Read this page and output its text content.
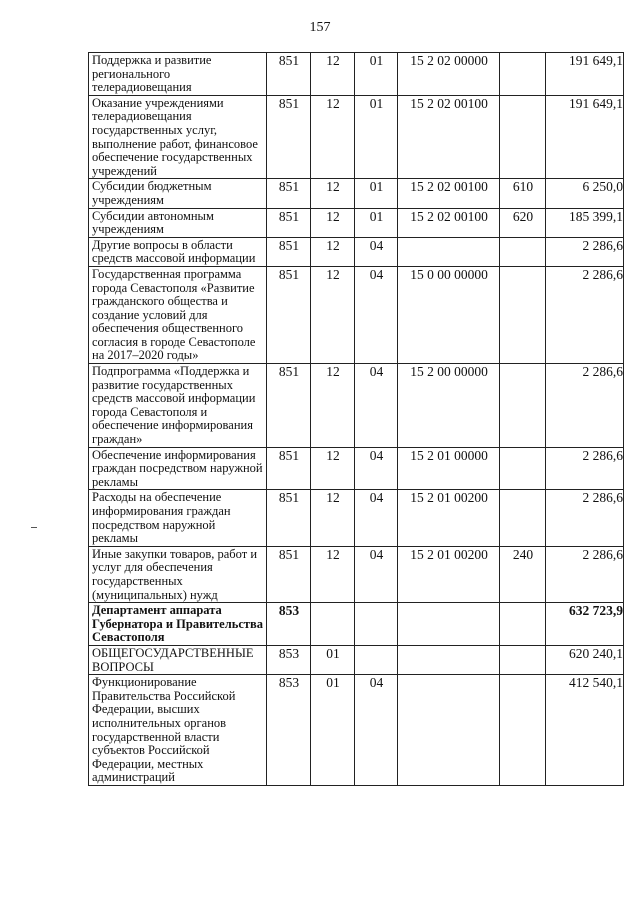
157
Поддержка и развитие регионального телерадиовещания	851	12	01	15 2 02 00000		191 649,1
Оказание учреждениями телерадиовещания государственных услуг, выполнение работ, финансовое обеспечение государственных учреждений	851	12	01	15 2 02 00100		191 649,1
Субсидии бюджетным учреждениям	851	12	01	15 2 02 00100	610	6 250,0
Субсидии автономным учреждениям	851	12	01	15 2 02 00100	620	185 399,1
Другие вопросы в области средств массовой информации	851	12	04			2 286,6
Государственная программа города Севастополя «Развитие гражданского общества и создание условий для обеспечения общественного согласия в городе Севастополе на 2017–2020 годы»	851	12	04	15 0 00 00000		2 286,6
Подпрограмма «Поддержка и развитие государственных средств массовой информации города Севастополя и обеспечение информирования граждан»	851	12	04	15 2 00 00000		2 286,6
Обеспечение информирования граждан посредством наружной рекламы	851	12	04	15 2 01 00000		2 286,6
Расходы на обеспечение информирования граждан посредством наружной рекламы	851	12	04	15 2 01 00200		2 286,6
Иные закупки товаров, работ и услуг для обеспечения государственных (муниципальных) нужд	851	12	04	15 2 01 00200	240	2 286,6
Департамент аппарата Губернатора и Правительства Севастополя	853					632 723,9
ОБЩЕГОСУДАРСТВЕННЫЕ ВОПРОСЫ	853	01				620 240,1
Функционирование Правительства Российской Федерации, высших исполнительных органов государственной власти субъектов Российской Федерации, местных администраций	853	01	04			412 540,1
